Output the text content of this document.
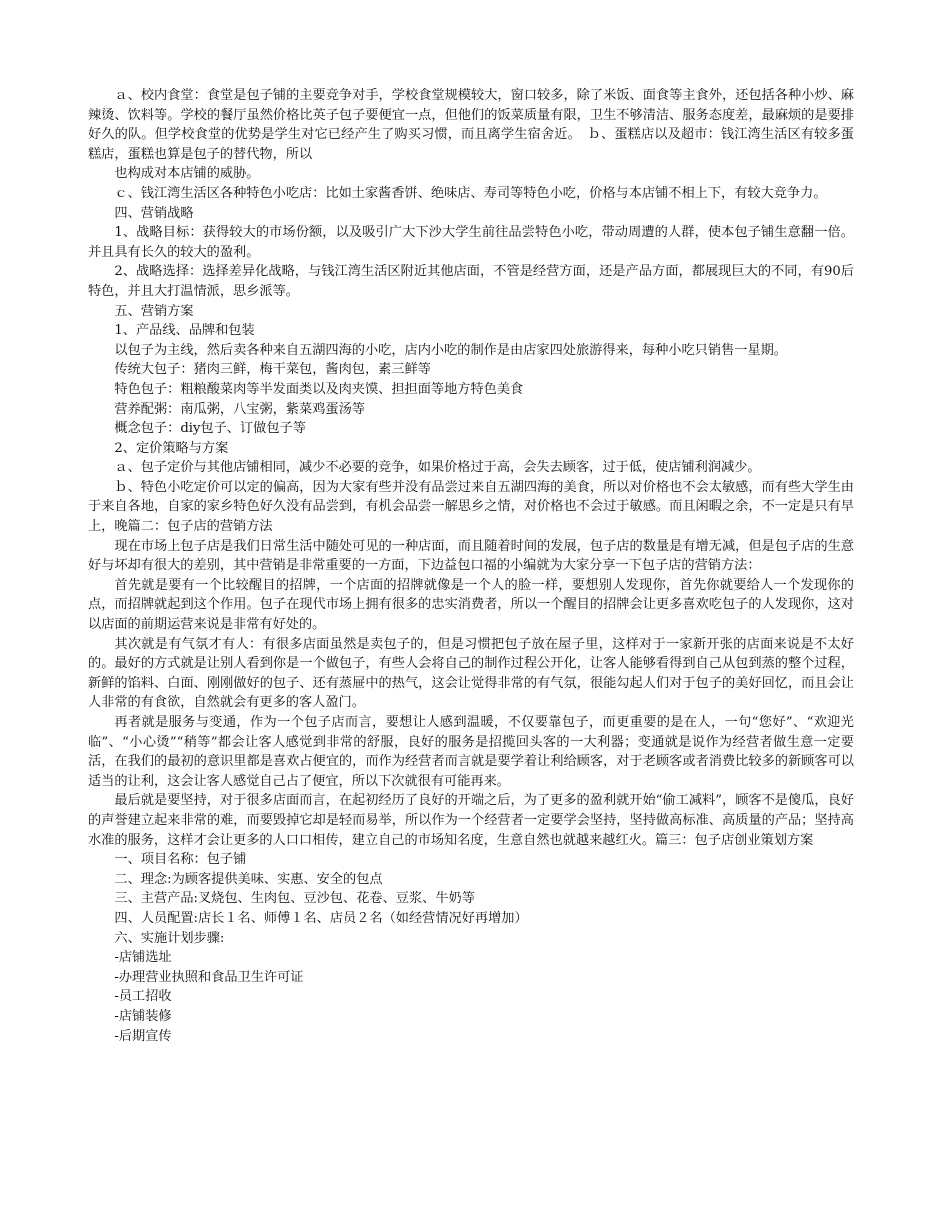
ａ、校内食堂：食堂是包子铺的主要竞争对手，学校食堂规模较大，窗口较多，除了米饭、面食等主食外，还包括各种小炒、麻辣烫、饮料等。学校的餐厅虽然价格比英子包子要便宜一点，但他们的饭菜质量有限，卫生不够清洁、服务态度差，最麻烦的是要排好久的队。但学校食堂的优势是学生对它已经产生了购买习惯，而且离学生宿舍近。　ｂ、蛋糕店以及超市：钱江湾生活区有较多蛋糕店，蛋糕也算是包子的替代物，所以

也构成对本店铺的威胁。

ｃ、钱江湾生活区各种特色小吃店：比如土家酱香饼、绝味店、寿司等特色小吃，价格与本店铺不相上下，有较大竞争力。

四、营销战略

1、战略目标：获得较大的市场份额，以及吸引广大下沙大学生前往品尝特色小吃，带动周遭的人群，使本包子铺生意翻一倍。并且具有长久的较大的盈利。

2、战略选择：选择差异化战略，与钱江湾生活区附近其他店面，不管是经营方面，还是产品方面，都展现巨大的不同，有90后特色，并且大打温情派，思乡派等。

五、营销方案

1、产品线、品牌和包装

以包子为主线，然后卖各种来自五湖四海的小吃，店内小吃的制作是由店家四处旅游得来，每种小吃只销售一星期。

传统大包子：猪肉三鲜，梅干菜包，酱肉包，素三鲜等

特色包子：粗粮酸菜肉等半发面类以及肉夹馍、担担面等地方特色美食

营养配粥：南瓜粥，八宝粥，紫菜鸡蛋汤等

概念包子：diy包子、订做包子等

2、定价策略与方案

ａ、包子定价与其他店铺相同，减少不必要的竞争，如果价格过于高，会失去顾客，过于低，使店铺利润减少。

ｂ、特色小吃定价可以定的偏高，因为大家有些并没有品尝过来自五湖四海的美食，所以对价格也不会太敏感，而有些大学生由于来自各地，自家的家乡特色好久没有品尝到，有机会品尝一解思乡之情，对价格也不会过于敏感。而且闲暇之余，不一定是只有早上，晚篇二：包子店的营销方法

现在市场上包子店是我们日常生活中随处可见的一种店面，而且随着时间的发展，包子店的数量是有增无减，但是包子店的生意好与坏却有很大的差别，其中营销是非常重要的一方面，下边益包口福的小编就为大家分享一下包子店的营销方法：

首先就是要有一个比较醒目的招牌，一个店面的招牌就像是一个人的脸一样，要想别人发现你，首先你就要给人一个发现你的点，而招牌就起到这个作用。包子在现代市场上拥有很多的忠实消费者，所以一个醒目的招牌会让更多喜欢吃包子的人发现你，这对以店面的前期运营来说是非常有好处的。

其次就是有气氛才有人：有很多店面虽然是卖包子的，但是习惯把包子放在屋子里，这样对于一家新开张的店面来说是不太好的。最好的方式就是让别人看到你是一个做包子，有些人会将自己的制作过程公开化，让客人能够看得到自己从包到蒸的整个过程，新鲜的馅料、白面、刚刚做好的包子、还有蒸屉中的热气，这会让觉得非常的有气氛，很能勾起人们对于包子的美好回忆，而且会让人非常的有食欲，自然就会有更多的客人盈门。

再者就是服务与变通，作为一个包子店而言，要想让人感到温暖，不仅要靠包子，而更重要的是在人，一句“您好”、“欢迎光临”、“小心烫”“稍等”都会让客人感觉到非常的舒服，良好的服务是招揽回头客的一大利器；变通就是说作为经营者做生意一定要活，在我们的最初的意识里都是喜欢占便宜的，而作为经营者而言就是要学着让利给顾客，对于老顾客或者消费比较多的新顾客可以适当的让利，这会让客人感觉自己占了便宜，所以下次就很有可能再来。

最后就是要坚持，对于很多店面而言，在起初经历了良好的开端之后，为了更多的盈利就开始“偷工减料”，顾客不是傻瓜，良好的声誉建立起来非常的难，而要毁掉它却是轻而易举，所以作为一个经营者一定要学会坚持，坚持做高标准、高质量的产品；坚持高水准的服务，这样才会让更多的人口口相传，建立自己的市场知名度，生意自然也就越来越红火。篇三：包子店创业策划方案

一、项目名称：包子铺

二、理念:为顾客提供美味、实惠、安全的包点

三、主营产品:叉烧包、生肉包、豆沙包、花卷、豆浆、牛奶等

四、人员配置:店长１名、师傅１名、店员２名（如经营情况好再增加）

六、实施计划步骤:

-店铺选址

-办理营业执照和食品卫生许可证

-员工招收

-店铺装修

-后期宣传
